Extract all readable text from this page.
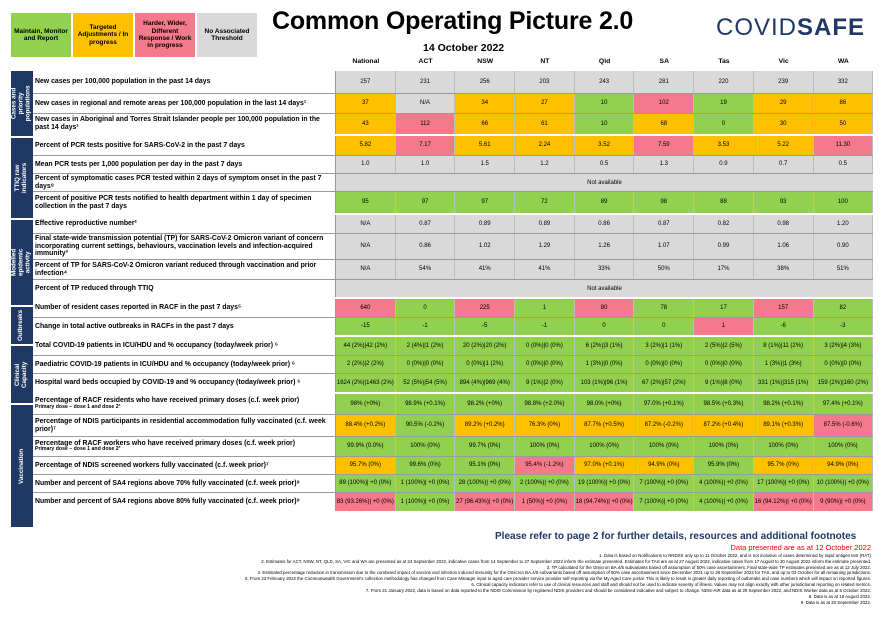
Maintain, Monitor and Report
Targeted Adjustments / In progress
Harder, Wider, Different Response / Work in progress
No Associated Threshold
Common Operating Picture 2.0
14 October 2022
COVIDSAFE
National	ACT	NSW	NT	Qld	SA	Tas	Vic	WA
Cases and priority populations
TTIQ raw indicators
Modelled epidemic activity
Outbreaks
Clinical Capacity
Vaccination
New cases per 100,000 population in the past 14 days	257	231	256	203	243	281	220	239	332
New cases in regional and remote areas per 100,000 population in the last 14 days¹	37	N/A	34	27	10	102	19	29	86
New cases in Aboriginal and Torres Strait Islander people per 100,000 population in the past 14 days¹
43	112	66	61	10	68	0	30	50
Percent of PCR tests positive for SARS-CoV-2 in the past 7 days	5.82	7.17	5.61	2.24	3.52	7.59	3.53	5.22	11.30
Mean PCR tests per 1,000 population per day in the past 7 days	1.0	1.0	1.5	1.2	0.5	1.3	0.9	0.7	0.5
Percent of symptomatic cases PCR tested within 2 days of symptom onset in the past 7 days⁸	Not available
Percent of positive PCR tests notified to health department within 1 day of specimen collection in the past 7 days
95	97	97	72	89	98	88	93	100
Effective reproductive number²	N/A	0.87	0.89	0.89	0.86	0.87	0.82	0.98	1.20
Final state-wide transmission potential (TP) for SARS-CoV-2 Omicron variant of concern incorporating current settings, behaviours, vaccination levels and infection-acquired immunity³
N/A	0.86	1.02	1.29	1.26	1.07	0.99	1.06	0.90
Percent of TP for SARS-CoV-2 Omicron variant reduced through vaccination and prior infection⁴
N/A	54%	41%	41%	33%	50%	17%	38%	51%
Percent of TP reduced through TTIQ	Not available
Number of resident cases reported in RACF in the past 7 days⁵	640	0	225	1	80	78	17	157	82
Change in total active outbreaks in RACFs in the past 7 days	-15	-1	-5	-1	0	0	1	-6	-3
Total COVID-19 patients in ICU/HDU and % occupancy (today/week prior) ⁶	44 (2%)|42 (2%)	2 (4%)|1 (2%)	20 (2%)|20 (2%)	0 (0%)|0 (0%)	6 (2%)|3 (1%)	3 (2%)|1 (1%)	2 (5%)|2 (5%)	8 (1%)|11 (2%)	3 (2%)|4 (3%)
Paediatric COVID-19 patients in ICU/HDU and % occupancy (today/week prior) ⁶	2 (2%)|2 (2%)	0 (0%)|0 (0%)	0 (0%)|1 (2%)	0 (0%)|0 (0%)	1 (3%)|0 (0%)	0 (0%)|0 (0%)	0 (0%)|0 (0%)	1 (3%)|1 (3%)	0 (0%)|0 (0%)
Hospital ward beds occupied by COVID-19 and % occupancy (today/week prior) ⁶	1624 (2%)|1463 (2%)	52 (5%)|54 (5%)	894 (4%)|969 (4%)	9 (1%)|2 (0%)	103 (1%)|96 (1%)	67 (2%)|57 (2%)	9 (1%)|8 (0%)	331 (1%)|315 (1%)	159 (2%)|160 (2%)
Percentage of RACF residents who have received primary doses (c.f. week prior)
Primary dose – dose 1 and dose 2³
98% (+0%)	98.9% (+0.1%)	98.2% (+0%)	98.8% (+2.0%)	98.0% (+0%)	97.0% (+0.1%)	98.5% (+0.3%)	98.2% (+0.1%)	97.4% (+0.1%)
Percentage of NDIS participants in residential accommodation fully vaccinated (c.f. week prior)⁷
88.4% (+0.2%)	90.5% (-0.2%)	89.2% (+0.2%)	76.3% (0%)	87.7% (+0.5%)	87.2% (-0.2%)	87.2% (+0.4%)	89.1% (+0.3%)	87.5% (-0.6%)
Percentage of RACF workers who have received primary doses (c.f. week prior)
Primary dose – dose 1 and dose 2³
99.9% (0.0%)	100% (0%)	99.7% (0%)	100% (0%)	100% (0%)	100% (0%)	100% (0%)	100% (0%)	100% (0%)
Percentage of NDIS screened workers fully vaccinated (c.f. week prior)⁷	95.7% (0%)	99.6% (0%)	95.1% (0%)	95.4% (-1.2%)	97.0% (+0.1%)	94.9% (0%)	95.9% (0%)	95.7% (0%)	94.9% (0%)
Number and percent of SA4 regions above 70% fully vaccinated (c.f. week prior)⁹	89 (100%)| +0 (0%)	1 (100%)| +0 (0%)	28 (100%)| +0 (0%)	2 (100%)| +0 (0%)	19 (100%)| +0 (0%)	7 (100%)| +0 (0%)	4 (100%)| +0 (0%)	17 (100%)| +0 (0%)	10 (100%)| +0 (0%)
Number and percent of SA4 regions above 80% fully vaccinated (c.f. week prior)⁹	83 (93.26%)| +0 (0%)	1 (100%)| +0 (0%)	27 (96.43%)| +0 (0%)	1 (50%)| +0 (0%)	18 (94.74%)| +0 (0%)	7 (100%)| +0 (0%)	4 (100%)| +0 (0%)	16 (94.12%)| +0 (0%)	9 (90%)| +0 (0%)
Please refer to page 2 for further details, resources and additional footnotes
Data presented are as at 12 October 2022
1. Data is based on Notifications to NNDSS only up to 11 October 2022, and is not inclusive of cases determined by rapid antigen test (RAT)
2. Estimates for ACT, NSW, NT, QLD, SA, VIC and WA are presented as at 24 September 2022, indicative cases from 14 September to 27 September 2022 inform the estimate presented. Estimates for TAS are as at 27 August 2022, indicative cases from 17 August to 30 August 2022 inform the estimate presented.
3. TP calculated for the Omicron BA.4/5 subvariants based off assumption of 50% case ascertainment. Final state-wide TP estimates presented are as at 12 July 2022.
4. Estimated percentage reduction in transmission due to the combined impact of vaccine and infection induced immunity for the Omicron BA.4/5 subvariants based off assumption of 50% case ascertainment since December 2021 up to 28 September 2022 for TAS, and up to 03 October for all remaining jurisdictions.
5. From 23 February 2022 the Commonwealth Government's collection methodology has changed from Case Manager input to aged care provider service provider self-reporting via the My Aged Care portal. This is likely to result in greater daily reporting of outbreaks and case numbers which will impact on reported figures.
6. Clinical capacity indicators refer to use of clinical resources and staff and should not be used to indicate severity of illness. Values may not align exactly with other jurisdictional reporting on related metrics.
7. From 21 January 2022, data is based on data reported to the NDIS Commission by registered NDIS providers and should be considered indicative and subject to change. NDIS-AIR data as at 29 September 2022, and NDIS Worker data as at 5 October 2022.
8. Data is as at 18 August 2022.
9. Data is as at 20 September 2022.
